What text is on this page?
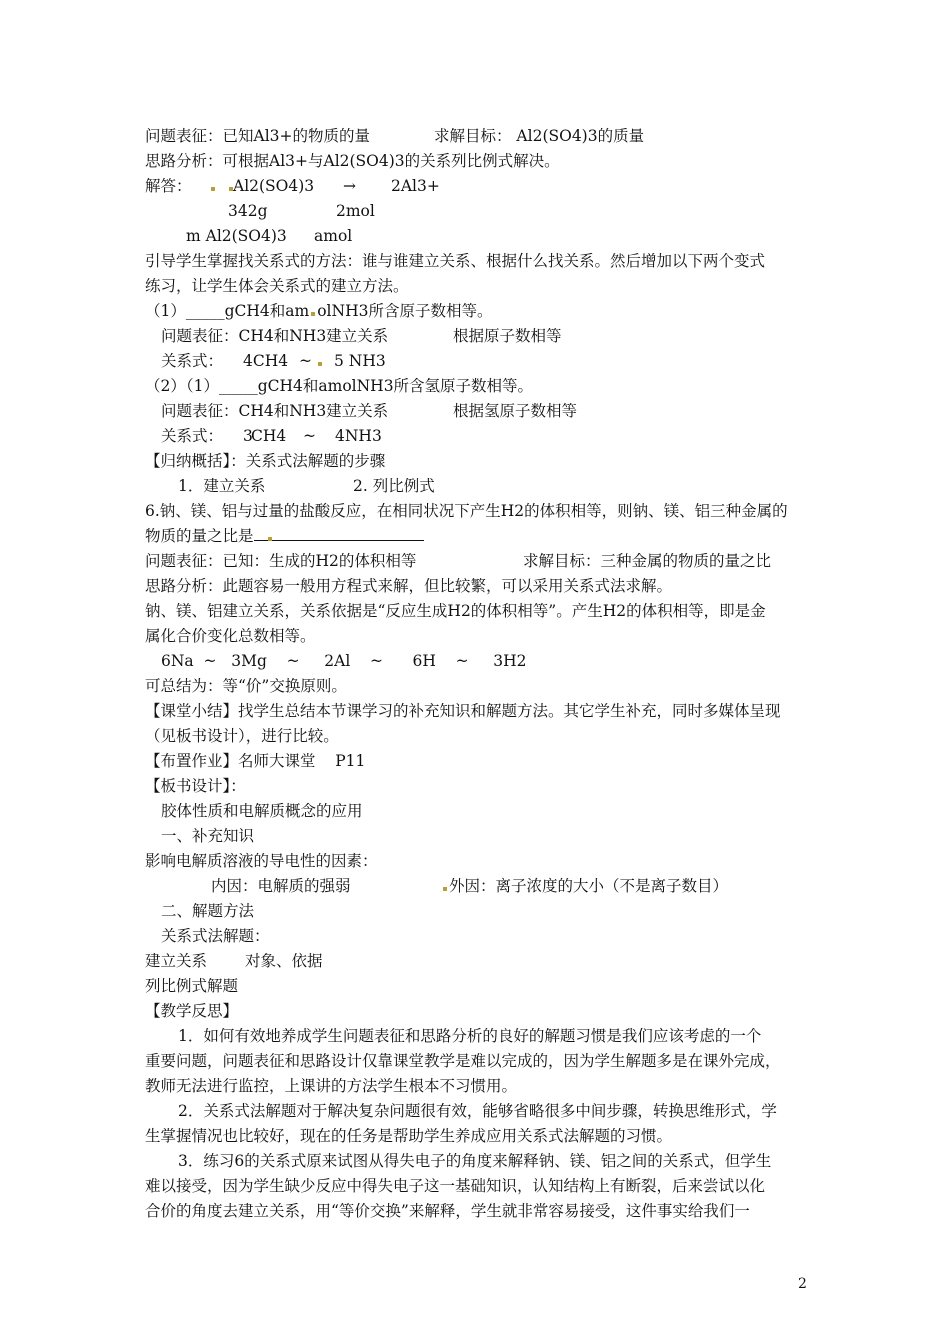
问题表征：已知Al3+的物质的量	求解目标： Al2(SO4)3的质量
思路分析：可根据Al3+与Al2(SO4)3的关系列比例式解决。
解答：	Al2(SO4)3 → 2Al3+
342g	2mol
m Al2(SO4)3 amol
引导学生掌握找关系式的方法：谁与谁建立关系、根据什么找关系。然后增加以下两个变式
练习，让学生体会关系式的建立方法。
（1）_____gCH4和am olNH3所含原子数相等。
问题表征：CH4和NH3建立关系	根据原子数相等
关系式： 4CH4 ~ 5 NH3
（2）（1）_____gCH4和amolNH3所含氢原子数相等。
问题表征：CH4和NH3建立关系	根据氢原子数相等
关系式： 3
CH4 ~ 4NH3
【归纳概括】：关系式法解题的步骤
1．建立关系	2. 列比例式
6.钠、镁、铝与过量的盐酸反应，在相同状况下产生H2的体积相等，则钠、镁、铝三种金属的
物质的量之比是
问题表征：已知：生成的H2的体积相等	求解目标：三种金属的物质的量之比
思路分析：此题容易一般用方程式来解，但比较繁，可以采用关系式法求解。
钠、镁、铝建立关系，关系依据是“反应生成H2的体积相等”。产生H2的体积相等，即是金
属化合价变化总数相等。
6Na  ~   3Mg    ~     2Al    ~      6H    ~     3H2
可总结为：等“价”交换原则。
【课堂小结】找学生总结本节课学习的补充知识和解题方法。其它学生补充，同时多媒体呈现
（见板书设计），进行比较。
【布置作业】名师大课堂    P11
【板书设计】：
胶体性质和电解质概念的应用
一、补充知识
影响电解质溶液的导电性的因素：
内因：电解质的强弱	外因：离子浓度的大小（不是离子数目）
二、解题方法
关系式法解题：
建立关系 对象、依据
列比例式解题
【教学反思】
1．如何有效地养成学生问题表征和思路分析的良好的解题习惯是我们应该考虑的一个
重要问题，问题表征和思路设计仅靠课堂教学是难以完成的，因为学生解题多是在课外完成，
教师无法进行监控，上课讲的方法学生根本不习惯用。
2．关系式法解题对于解决复杂问题很有效，能够省略很多中间步骤，转换思维形式，学
生掌握情况也比较好，现在的任务是帮助学生养成应用关系式法解题的习惯。
3．练习6的关系式原来试图从得失电子的角度来解释钠、镁、铝之间的关系式，但学生
难以接受，因为学生缺少反应中得失电子这一基础知识，认知结构上有断裂，后来尝试以化
合价的角度去建立关系，用“等价交换”来解释，学生就非常容易接受，这件事实给我们一
2
